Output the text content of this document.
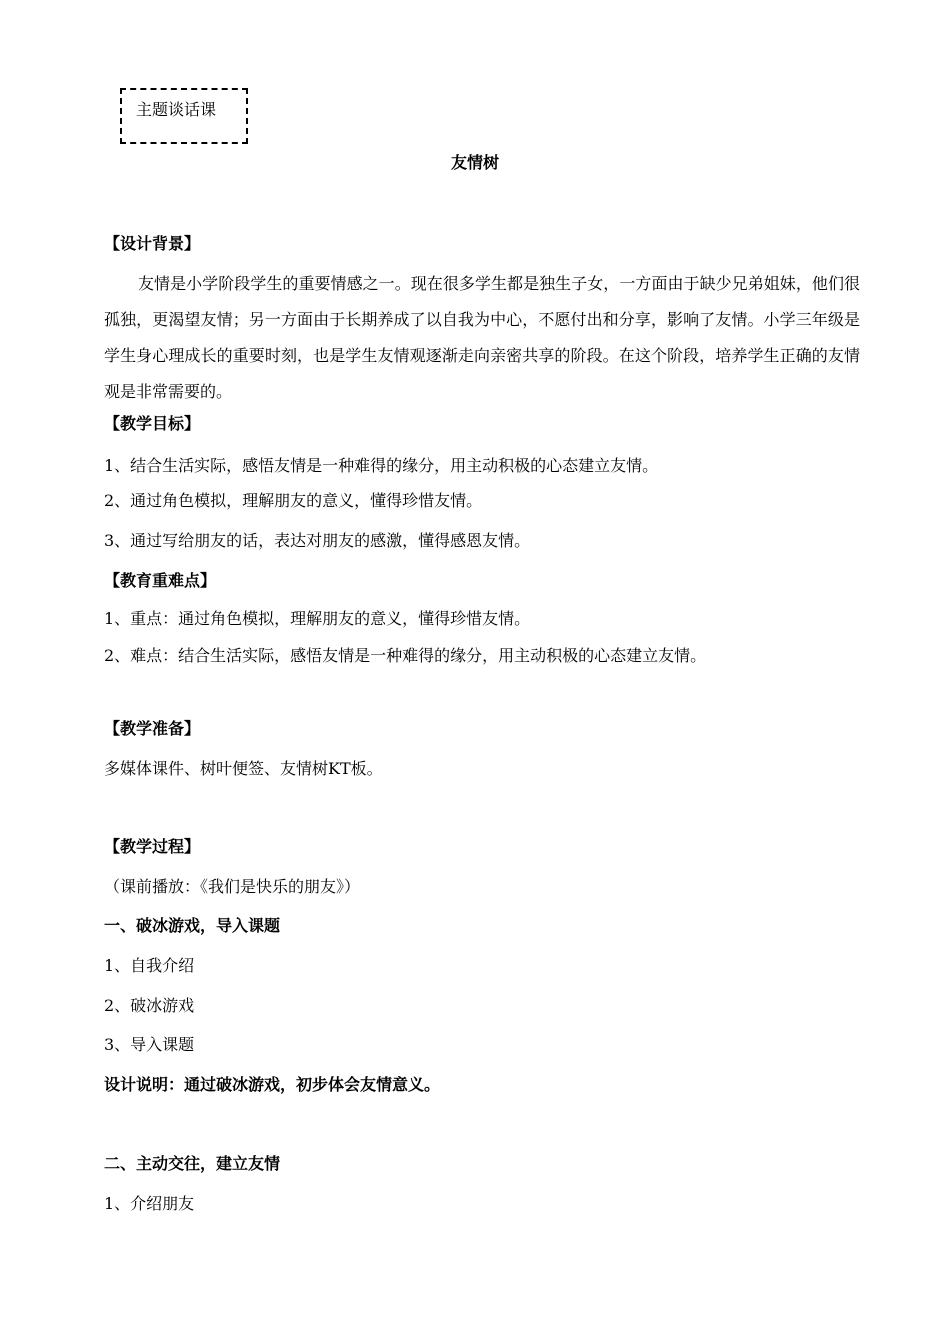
主题谈话课
友情树
【设计背景】
友情是小学阶段学生的重要情感之一。现在很多学生都是独生子女，一方面由于缺少兄弟姐妹，他们很孤独，更渴望友情；另一方面由于长期养成了以自我为中心，不愿付出和分享，影响了友情。小学三年级是学生身心理成长的重要时刻，也是学生友情观逐渐走向亲密共享的阶段。在这个阶段，培养学生正确的友情观是非常需要的。
【教学目标】
1、结合生活实际，感悟友情是一种难得的缘分，用主动积极的心态建立友情。
2、通过角色模拟，理解朋友的意义，懂得珍惜友情。
3、通过写给朋友的话，表达对朋友的感激，懂得感恩友情。
【教育重难点】
1、重点：通过角色模拟，理解朋友的意义，懂得珍惜友情。
2、难点：结合生活实际，感悟友情是一种难得的缘分，用主动积极的心态建立友情。
【教学准备】
多媒体课件、树叶便签、友情树KT板。
【教学过程】
（课前播放：《我们是快乐的朋友》）
一、破冰游戏，导入课题
1、自我介绍
2、破冰游戏
3、导入课题
设计说明：通过破冰游戏，初步体会友情意义。
二、主动交往，建立友情
1、介绍朋友
